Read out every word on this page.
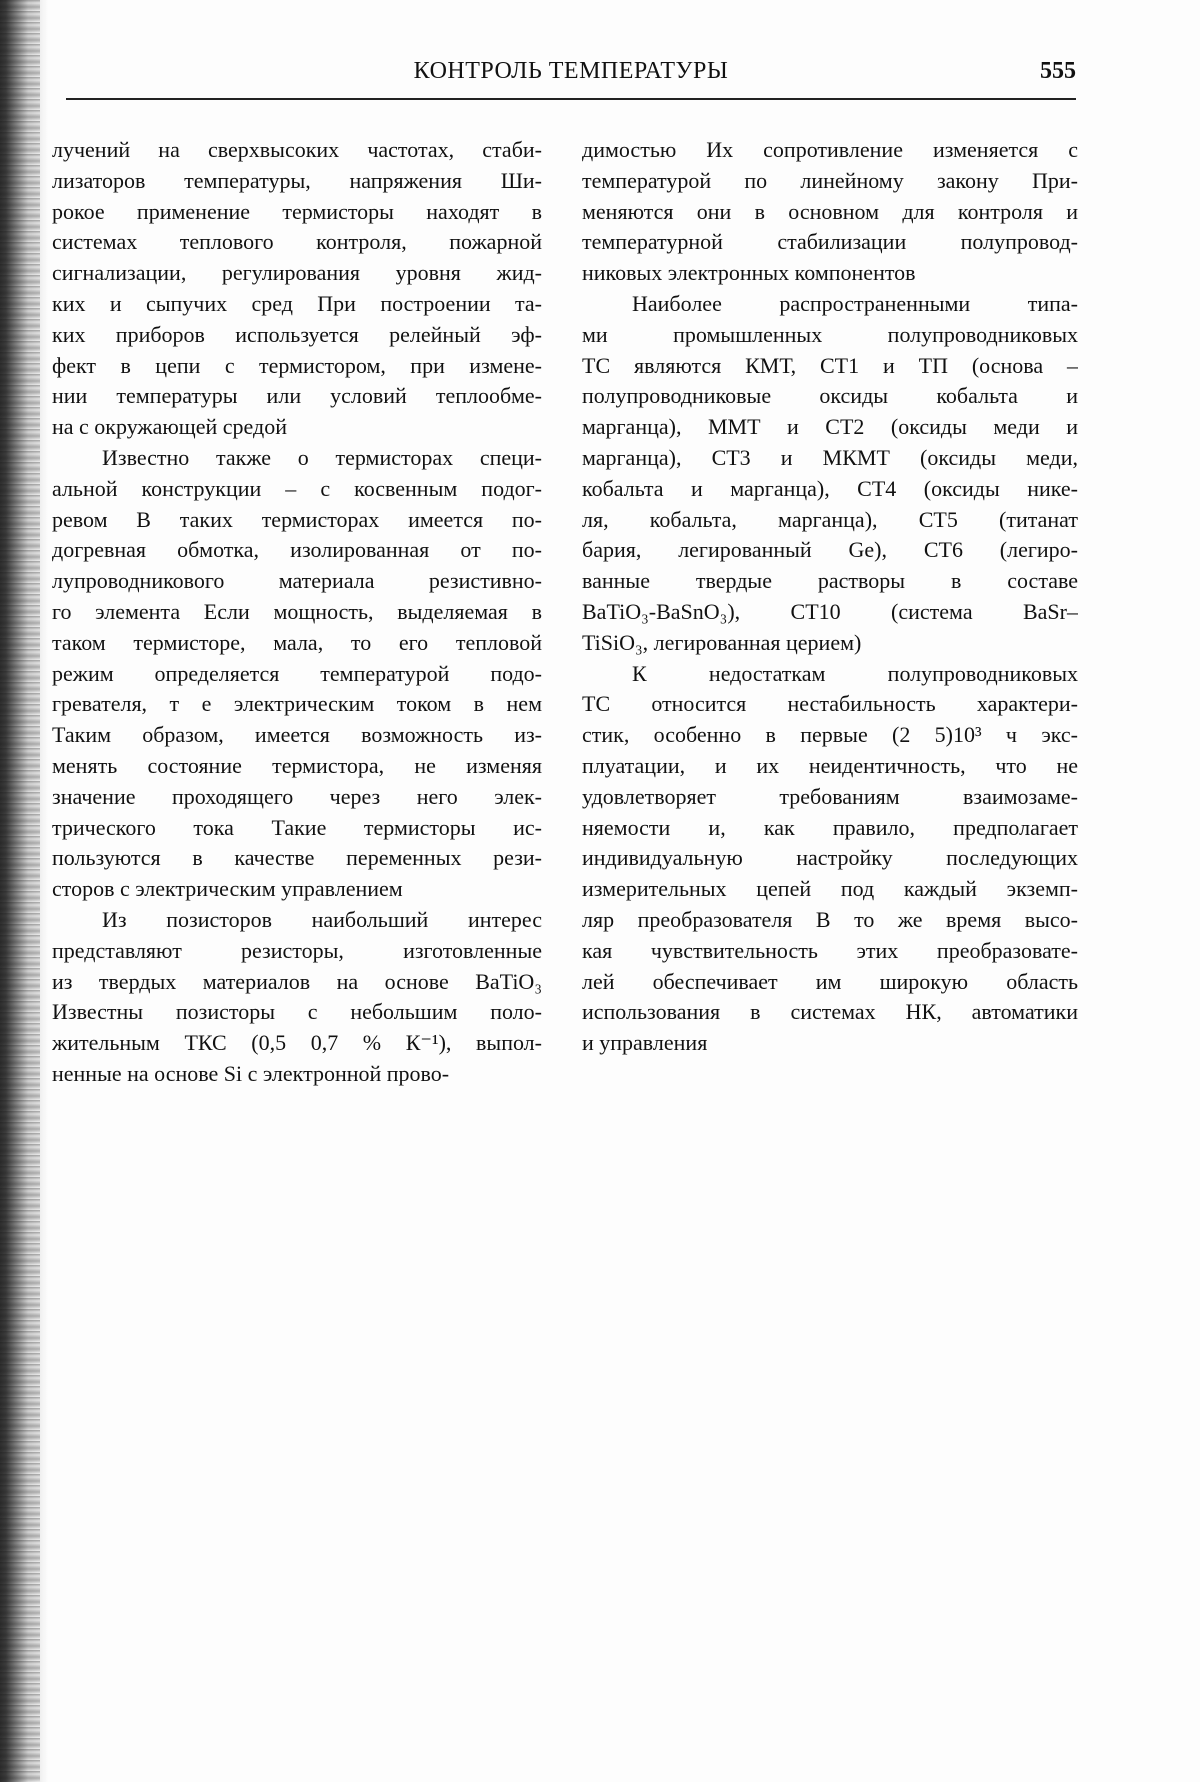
КОНТРОЛЬ ТЕМПЕРАТУРЫ	555

лучений на сверхвысоких частотах, стаби-
лизаторов температуры, напряжения Ши-
рокое применение термисторы находят в
системах теплового контроля, пожарной
сигнализации, регулирования уровня жид-
ких и сыпучих сред При построении та-
ких приборов используется релейный эф-
фект в цепи с термистором, при измене-
нии температуры или условий теплообме-
на с окружающей средой

Известно также о термисторах специ-
альной конструкции – с косвенным подог-
ревом В таких термисторах имеется по-
догревная обмотка, изолированная от по-
лупроводникового материала резистивно-
го элемента Если мощность, выделяемая в
таком термисторе, мала, то его тепловой
режим определяется температурой подо-
гревателя, т е электрическим током в нем
Таким образом, имеется возможность из-
менять состояние термистора, не изменяя
значение проходящего через него элек-
трического тока Такие термисторы ис-
пользуются в качестве переменных рези-
сторов с электрическим управлением

Из позисторов наибольший интерес
представляют резисторы, изготовленные
из твердых материалов на основе BaTiO₃
Известны позисторы с небольшим поло-
жительным ТКС (0,5 0,7 % К⁻¹), выпол-
ненные на основе Si с электронной прово-

димостью Их сопротивление изменяется с
температурой по линейному закону При-
меняются они в основном для контроля и
температурной стабилизации полупровод-
никовых электронных компонентов

Наиболее распространенными типа-
ми промышленных полупроводниковых
ТС являются КМТ, СТ1 и ТП (основа –
полупроводниковые оксиды кобальта и
марганца), ММТ и СТ2 (оксиды меди и
марганца), СТ3 и МКМТ (оксиды меди,
кобальта и марганца), СТ4 (оксиды нике-
ля, кобальта, марганца), СТ5 (титанат
бария, легированный Ge), СТ6 (легиро-
ванные твердые растворы в составе
BaTiO₃-BaSnO₃), СТ10 (система BaSr–
TiSiO₃, легированная церием)

К недостаткам полупроводниковых
ТС относится нестабильность характери-
стик, особенно в первые (2 5)10³ ч экс-
плуатации, и их неидентичность, что не
удовлетворяет требованиям взаимозаме-
няемости и, как правило, предполагает
индивидуальную настройку последующих
измерительных цепей под каждый экземп-
ляр преобразователя В то же время высо-
кая чувствительность этих преобразовате-
лей обеспечивает им широкую область
использования в системах НК, автоматики
и управления
